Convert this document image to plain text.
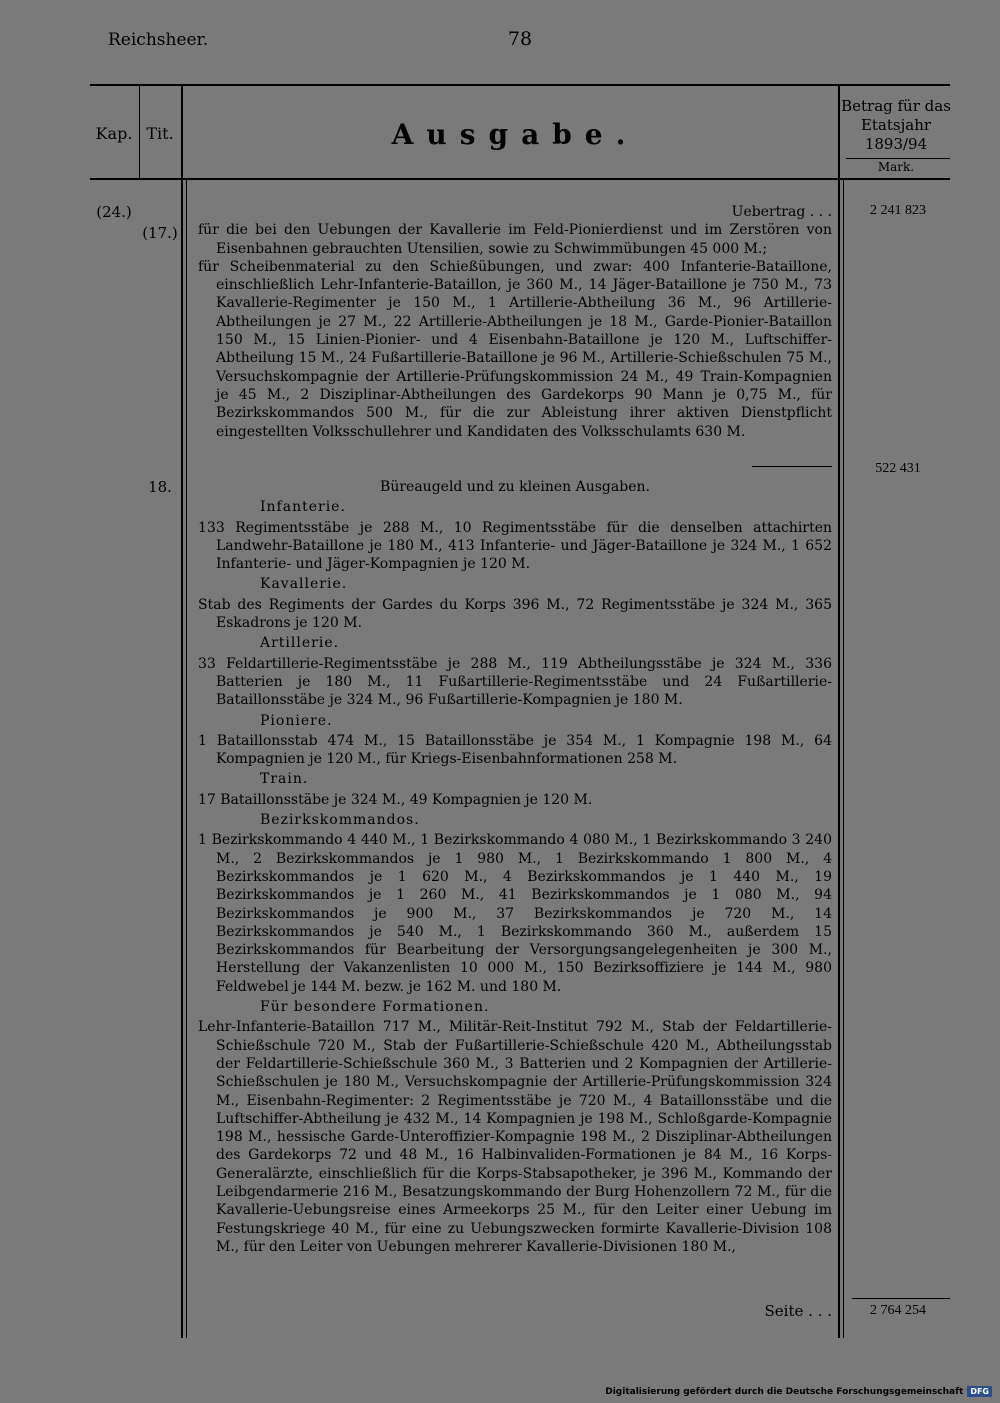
Reichsheer.	78
Kap. Tit.	Ausgabe.
Betrag für das Etatsjahr 1893/94
Mark.
(24.)
(17.)
18.
2 241 823
522 431
2 764 254

Uebertrag . . .

für die bei den Uebungen der Kavallerie im Feld-Pionierdienst und im Zerstören von Eisenbahnen gebrauchten Utensilien, sowie zu Schwimmübungen 45 000 M.;

für Scheibenmaterial zu den Schießübungen, und zwar: 400 Infanterie-Bataillone, einschließlich Lehr-Infanterie-Bataillon, je 360 M., 14 Jäger-Bataillone je 750 M., 73 Kavallerie-Regimenter je 150 M., 1 Artillerie-Abtheilung 36 M., 96 Artillerie-Abtheilungen je 27 M., 22 Artillerie-Abtheilungen je 18 M., Garde-Pionier-Bataillon 150 M., 15 Linien-Pionier- und 4 Eisenbahn-Bataillone je 120 M., Luftschiffer-Abtheilung 15 M., 24 Fußartillerie-Bataillone je 96 M., Artillerie-Schießschulen 75 M., Versuchskompagnie der Artillerie-Prüfungskommission 24 M., 49 Train-Kompagnien je 45 M., 2 Disziplinar-Abtheilungen des Gardekorps 90 Mann je 0,75 M., für Bezirkskommandos 500 M., für die zur Ableistung ihrer aktiven Dienstpflicht eingestellten Volksschullehrer und Kandidaten des Volksschulamts 630 M.

Büreaugeld und zu kleinen Ausgaben.

Infanterie.

133 Regimentsstäbe je 288 M., 10 Regimentsstäbe für die denselben attachirten Landwehr-Bataillone je 180 M., 413 Infanterie- und Jäger-Bataillone je 324 M., 1 652 Infanterie- und Jäger-Kompagnien je 120 M.

Kavallerie.

Stab des Regiments der Gardes du Korps 396 M., 72 Regimentsstäbe je 324 M., 365 Eskadrons je 120 M.

Artillerie.

33 Feldartillerie-Regimentsstäbe je 288 M., 119 Abtheilungsstäbe je 324 M., 336 Batterien je 180 M., 11 Fußartillerie-Regimentsstäbe und 24 Fußartillerie-Bataillonsstäbe je 324 M., 96 Fußartillerie-Kompagnien je 180 M.

Pioniere.

1 Bataillonsstab 474 M., 15 Bataillonsstäbe je 354 M., 1 Kompagnie 198 M., 64 Kompagnien je 120 M., für Kriegs-Eisenbahnformationen 258 M.

Train.

17 Bataillonsstäbe je 324 M., 49 Kompagnien je 120 M.

Bezirkskommandos.

1 Bezirkskommando 4 440 M., 1 Bezirkskommando 4 080 M., 1 Bezirkskommando 3 240 M., 2 Bezirkskommandos je 1 980 M., 1 Bezirkskommando 1 800 M., 4 Bezirkskommandos je 1 620 M., 4 Bezirkskommandos je 1 440 M., 19 Bezirkskommandos je 1 260 M., 41 Bezirkskommandos je 1 080 M., 94 Bezirkskommandos je 900 M., 37 Bezirkskommandos je 720 M., 14 Bezirkskommandos je 540 M., 1 Bezirkskommando 360 M., außerdem 15 Bezirkskommandos für Bearbeitung der Versorgungsangelegenheiten je 300 M., Herstellung der Vakanzenlisten 10 000 M., 150 Bezirksoffiziere je 144 M., 980 Feldwebel je 144 M. bezw. je 162 M. und 180 M.

Für besondere Formationen.

Lehr-Infanterie-Bataillon 717 M., Militär-Reit-Institut 792 M., Stab der Feldartillerie-Schießschule 720 M., Stab der Fußartillerie-Schießschule 420 M., Abtheilungsstab der Feldartillerie-Schießschule 360 M., 3 Batterien und 2 Kompagnien der Artillerie-Schießschulen je 180 M., Versuchskompagnie der Artillerie-Prüfungskommission 324 M., Eisenbahn-Regimenter: 2 Regimentsstäbe je 720 M., 4 Bataillonsstäbe und die Luftschiffer-Abtheilung je 432 M., 14 Kompagnien je 198 M., Schloßgarde-Kompagnie 198 M., hessische Garde-Unteroffizier-Kompagnie 198 M., 2 Disziplinar-Abtheilungen des Gardekorps 72 und 48 M., 16 Halbinvaliden-Formationen je 84 M., 16 Korps-Generalärzte, einschließlich für die Korps-Stabsapotheker, je 396 M., Kommando der Leibgendarmerie 216 M., Besatzungskommando der Burg Hohenzollern 72 M., für die Kavallerie-Uebungsreise eines Armeekorps 25 M., für den Leiter einer Uebung im Festungskriege 40 M., für eine zu Uebungszwecken formirte Kavallerie-Division 108 M., für den Leiter von Uebungen mehrerer Kavallerie-Divisionen 180 M.,

Seite . . .
Digitalisierung gefördert durch die Deutsche Forschungsgemeinschaft DFG
